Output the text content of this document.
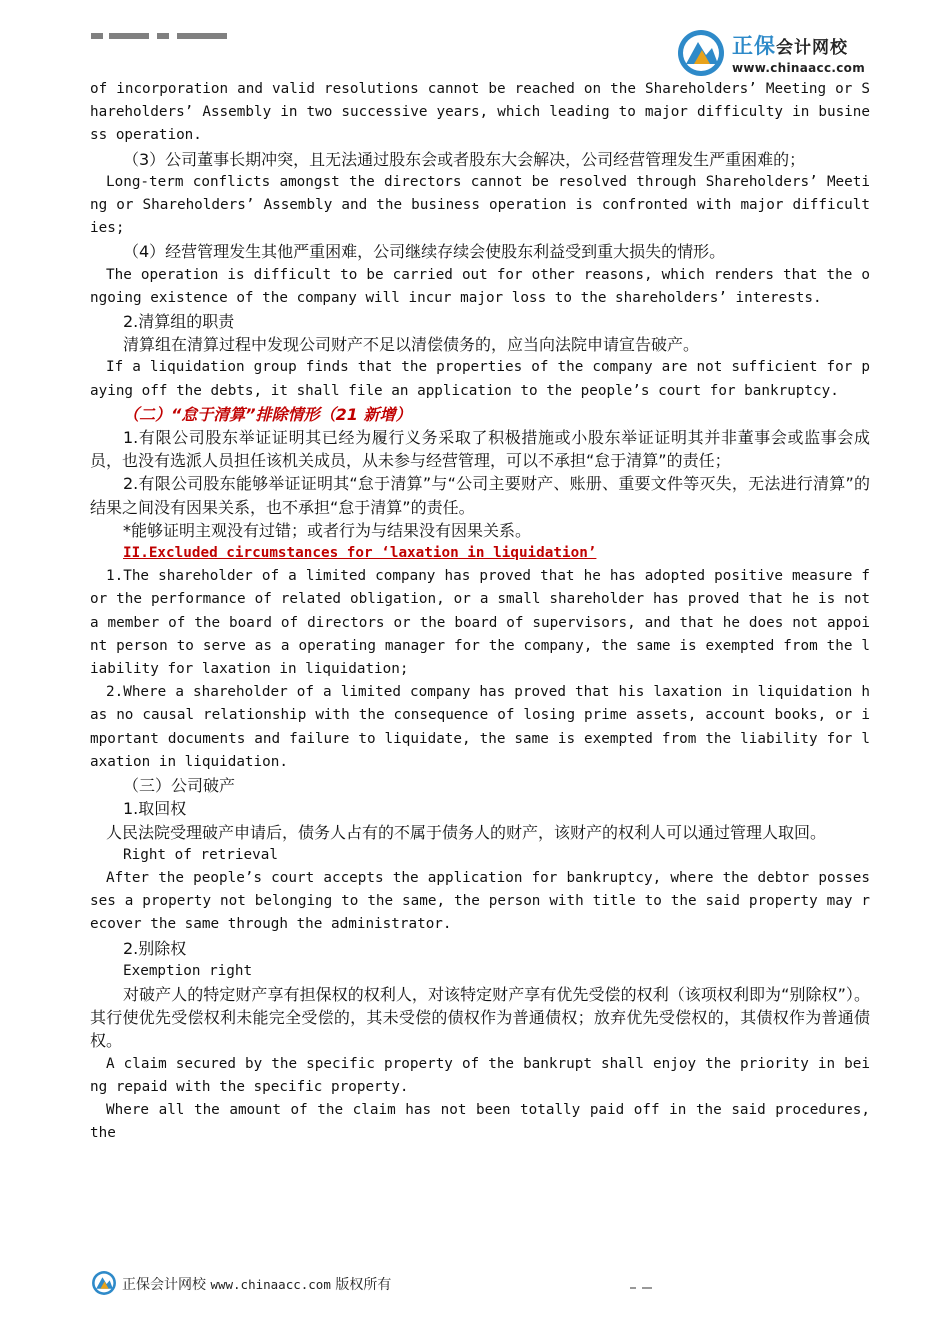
正保会计网校
www.chinaacc.com

of incorporation and valid resolutions cannot be reached on the Shareholders’ Meeting or Shareholders’ Assembly in two successive years, which leading to major difficulty in business operation.

（3）公司董事长期冲突，且无法通过股东会或者股东大会解决，公司经营管理发生严重困难的；

Long-term conflicts amongst the directors cannot be resolved through Shareholders’ Meeting or Shareholders’ Assembly and the business operation is confronted with major difficulties;

（4）经营管理发生其他严重困难，公司继续存续会使股东利益受到重大损失的情形。

The operation is difficult to be carried out for other reasons, which renders that the ongoing existence of the company will incur major loss to the shareholders’ interests.

2.清算组的职责

清算组在清算过程中发现公司财产不足以清偿债务的，应当向法院申请宣告破产。

If a liquidation group finds that the properties of the company are not sufficient for paying off the debts, it shall file an application to the people’s court for bankruptcy.

（二）“怠于清算”排除情形（21 新增）

1.有限公司股东举证证明其已经为履行义务采取了积极措施或小股东举证证明其并非董事会或监事会成员，也没有选派人员担任该机关成员，从未参与经营管理，可以不承担“怠于清算”的责任；

2.有限公司股东能够举证证明其“怠于清算”与“公司主要财产、账册、重要文件等灭失，无法进行清算”的结果之间没有因果关系，也不承担“怠于清算”的责任。

*能够证明主观没有过错；或者行为与结果没有因果关系。

II.Excluded circumstances for ‘laxation in liquidation’

1.The shareholder of a limited company has proved that he has adopted positive measure for the performance of related obligation, or a small shareholder has proved that he is not a member of the board of directors or the board of supervisors, and that he does not appoint person to serve as a operating manager for the company, the same is exempted from the liability for laxation in liquidation;

2.Where a shareholder of a limited company has proved that his laxation in liquidation has no causal relationship with the consequence of losing prime assets, account books, or important documents and failure to liquidate, the same is exempted from the liability for laxation in liquidation.

（三）公司破产

1.取回权

人民法院受理破产申请后，债务人占有的不属于债务人的财产，该财产的权利人可以通过管理人取回。

Right of retrieval

After the people’s court accepts the application for bankruptcy, where the debtor possesses a property not belonging to the same, the person with title to the said property may recover the same through the administrator.

2.别除权

Exemption right

对破产人的特定财产享有担保权的权利人，对该特定财产享有优先受偿的权利（该项权利即为“别除权”）。其行使优先受偿权利未能完全受偿的，其未受偿的债权作为普通债权；放弃优先受偿权的，其债权作为普通债权。

A claim secured by the specific property of the bankrupt shall enjoy the priority in being repaid with the specific property.

Where all the amount of the claim has not been totally paid off in the said procedures, the

正保会计网校 www.chinaacc.com 版权所有
